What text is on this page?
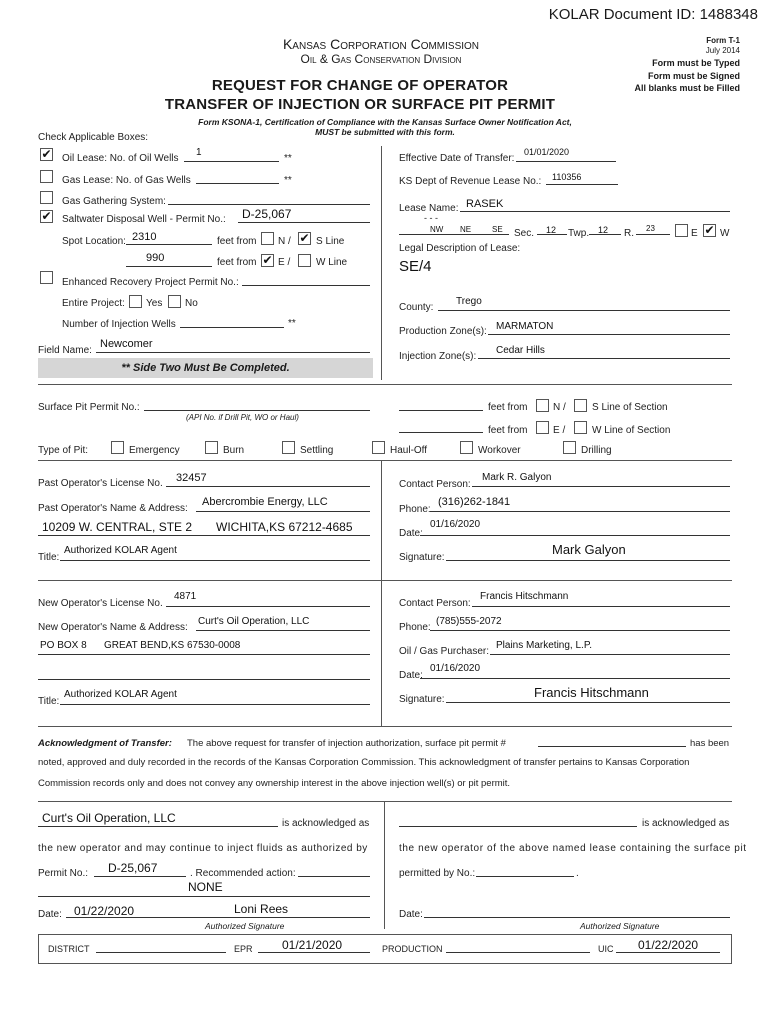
KOLAR Document ID: 1488348
Kansas Corporation Commission
Oil & Gas Conservation Division
Form T-1
July 2014
Form must be Typed
Form must be Signed
All blanks must be Filled
REQUEST FOR CHANGE OF OPERATOR
TRANSFER OF INJECTION OR SURFACE PIT PERMIT
Form KSONA-1, Certification of Compliance with the Kansas Surface Owner Notification Act,
MUST be submitted with this form.
Check Applicable Boxes:
✔ Oil Lease: No. of Oil Wells
1
**
Gas Lease: No. of Gas Wells	**
Gas Gathering System:
✔ Saltwater Disposal Well - Permit No.: D-25,067
Spot Location: 2310	feet from N / ✔ S Line
990	feet from ✔ E /	W Line
Enhanced Recovery Project Permit No.:
Entire Project: Yes No
Number of Injection Wells	**
Field Name:
Newcomer
** Side Two Must Be Completed.
Effective Date of Transfer:
01/01/2020
KS Dept of Revenue Lease No.: 110356
Lease Name: RASEK
- - -
NW NE	SE Sec. 12 Twp. 12 R. 23	E ✔ W
Legal Description of Lease:
SE/4
County:
Trego
Production Zone(s): MARMATON
Injection Zone(s):
Cedar Hills
Surface Pit Permit No.:
(API No. if Drill Pit, WO or Haul)
feet from	N /	S Line of Section
feet from	E /	W Line of Section
Type of Pit:	Emergency	Burn	Settling	Haul-Off	Workover	Drilling
Past Operator's License No. 32457
Past Operator's Name & Address:
Abercrombie Energy, LLC
10209 W. CENTRAL, STE 2 WICHITA,KS 67212-4685
Title:
Authorized KOLAR Agent
Contact Person:
Mark R. Galyon
Phone:
(316)262-1841
Date:
01/16/2020
Signature:
Mark Galyon
New Operator's License No.
4871
New Operator's Name & Address:
Curt's Oil Operation, LLC
PO BOX 8 GREAT BEND,KS 67530-0008
Title:
Authorized KOLAR Agent
Contact Person:
Francis Hitschmann
Phone:
(785)555-2072
Oil / Gas Purchaser:
Plains Marketing, L.P.
Date:
01/16/2020
Signature:	Francis Hitschmann
Acknowledgment of Transfer: The above request for transfer of injection authorization, surface pit permit #	has been
noted, approved and duly recorded in the records of the Kansas Corporation Commission. This acknowledgment of transfer pertains to Kansas Corporation
Commission records only and does not convey any ownership interest in the above injection well(s) or pit permit.
Curt's Oil Operation, LLC	is acknowledged as
the new operator and may continue to inject fluids as authorized by
Permit No.: D-25,067	. Recommended action:
NONE
Date: 01/22/2020	Loni Rees
Authorized Signature
is acknowledged as
the new operator of the above named lease containing the surface pit
permitted by No.:	.
Date:
Authorized Signature
DISTRICT	EPR 01/21/2020	PRODUCTION	UIC 01/22/2020
